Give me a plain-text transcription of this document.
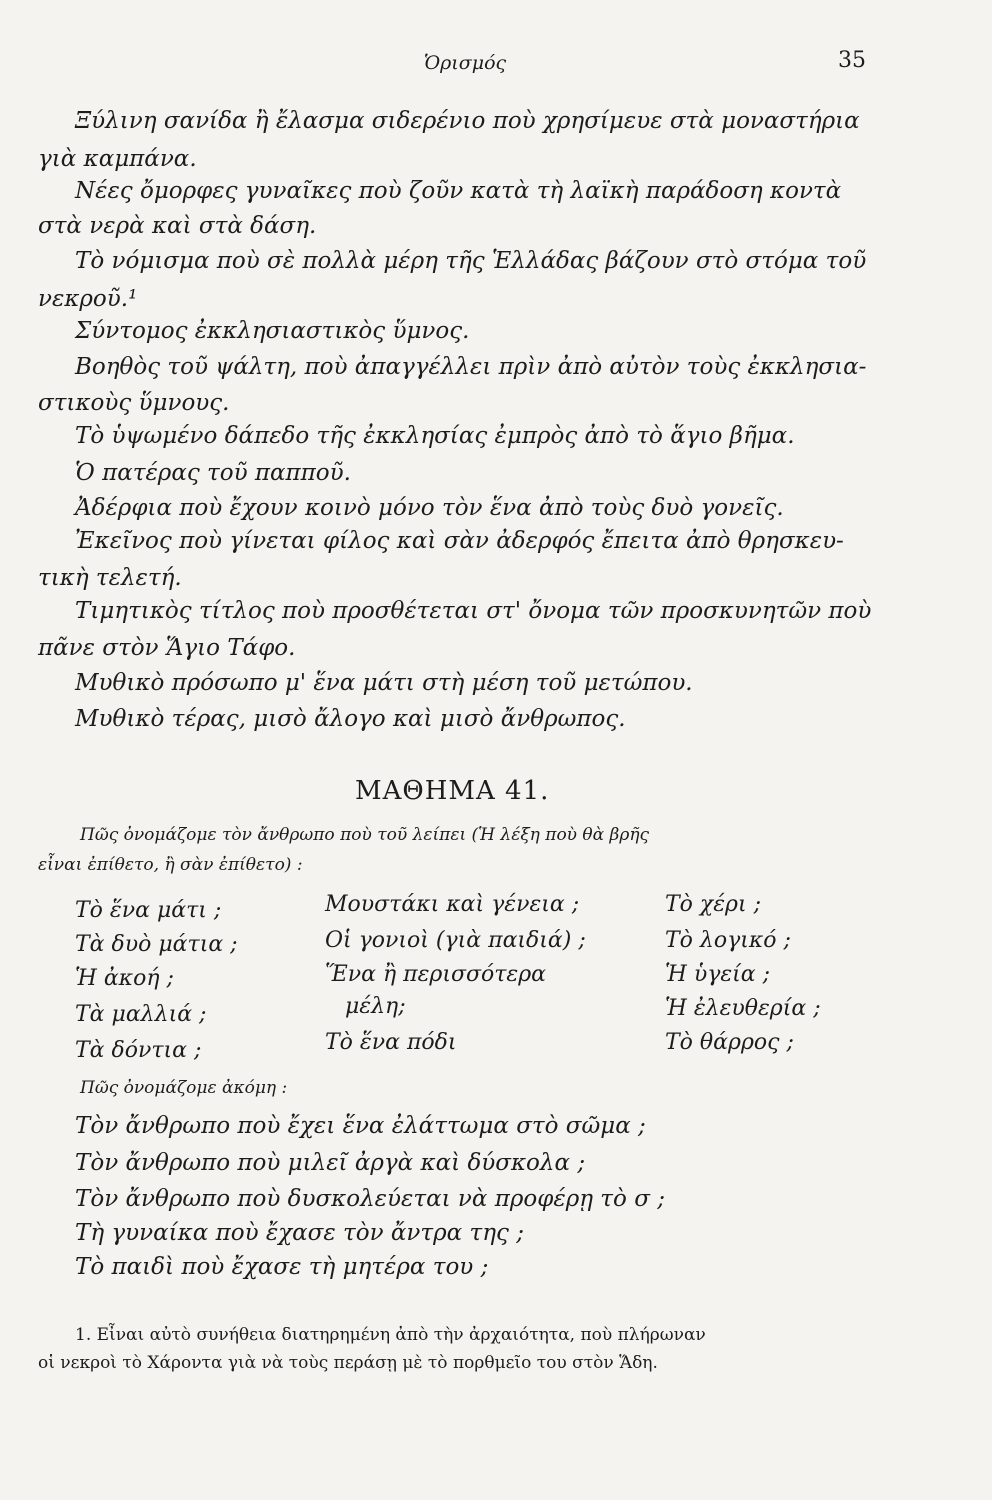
Ὁρισμός	35
Ξύλινη σανίδα ἢ ἔλασμα σιδερένιο ποὺ χρησίμευε στὰ μοναστήρια
γιὰ καμπάνα.
Νέες ὄμορφες γυναῖκες ποὺ ζοῦν κατὰ τὴ λαϊκὴ παράδοση κοντὰ
στὰ νερὰ καὶ στὰ δάση.
Τὸ νόμισμα ποὺ σὲ πολλὰ μέρη τῆς Ἑλλάδας βάζουν στὸ στόμα τοῦ
νεκροῦ.¹
Σύντομος ἐκκλησιαστικὸς ὕμνος.
Βοηθὸς τοῦ ψάλτη, ποὺ ἀπαγγέλλει πρὶν ἀπὸ αὐτὸν τοὺς ἐκκλησια-
στικοὺς ὕμνους.
Τὸ ὑψωμένο δάπεδο τῆς ἐκκλησίας ἐμπρὸς ἀπὸ τὸ ἅγιο βῆμα.
Ὁ πατέρας τοῦ παπποῦ.
Ἀδέρφια ποὺ ἔχουν κοινὸ μόνο τὸν ἕνα ἀπὸ τοὺς δυὸ γονεῖς.
Ἐκεῖνος ποὺ γίνεται φίλος καὶ σὰν ἀδερφός ἔπειτα ἀπὸ θρησκευ-
τικὴ τελετή.
Τιμητικὸς τίτλος ποὺ προσθέτεται στ' ὄνομα τῶν προσκυνητῶν ποὺ
πᾶνε στὸν Ἅγιο Τάφο.
Μυθικὸ πρόσωπο μ' ἕνα μάτι στὴ μέση τοῦ μετώπου.
Μυθικὸ τέρας, μισὸ ἄλογο καὶ μισὸ ἄνθρωπος.
ΜΑΘΗΜΑ 41.
Πῶς ὀνομάζομε τὸν ἄνθρωπο ποὺ τοῦ λείπει (Ἡ λέξη ποὺ θὰ βρῆς
εἶναι ἐπίθετο, ἢ σὰν ἐπίθετο) :
Τὸ ἕνα μάτι ;
Τὰ δυὸ μάτια ;
Ἡ ἀκοή ;
Τὰ μαλλιά ;
Τὰ δόντια ;
Μουστάκι καὶ γένεια ;
Οἱ γονιοὶ (γιὰ παιδιά) ;
Ἕνα ἢ περισσότερα
μέλη;
Τὸ ἕνα πόδι
Τὸ χέρι ;
Τὸ λογικό ;
Ἡ ὑγεία ;
Ἡ ἐλευθερία ;
Τὸ θάρρος ;
Πῶς ὀνομάζομε ἀκόμη :
Τὸν ἄνθρωπο ποὺ ἔχει ἕνα ἐλάττωμα στὸ σῶμα ;
Τὸν ἄνθρωπο ποὺ μιλεῖ ἀργὰ καὶ δύσκολα ;
Τὸν ἄνθρωπο ποὺ δυσκολεύεται νὰ προφέρῃ τὸ σ ;
Τὴ γυναίκα ποὺ ἔχασε τὸν ἄντρα της ;
Τὸ παιδὶ ποὺ ἔχασε τὴ μητέρα του ;
1. Εἶναι αὐτὸ συνήθεια διατηρημένη ἀπὸ τὴν ἀρχαιότητα, ποὺ πλήρωναν
οἱ νεκροὶ τὸ Χάροντα γιὰ νὰ τοὺς περάσῃ μὲ τὸ πορθμεῖο του στὸν Ἅδη.
